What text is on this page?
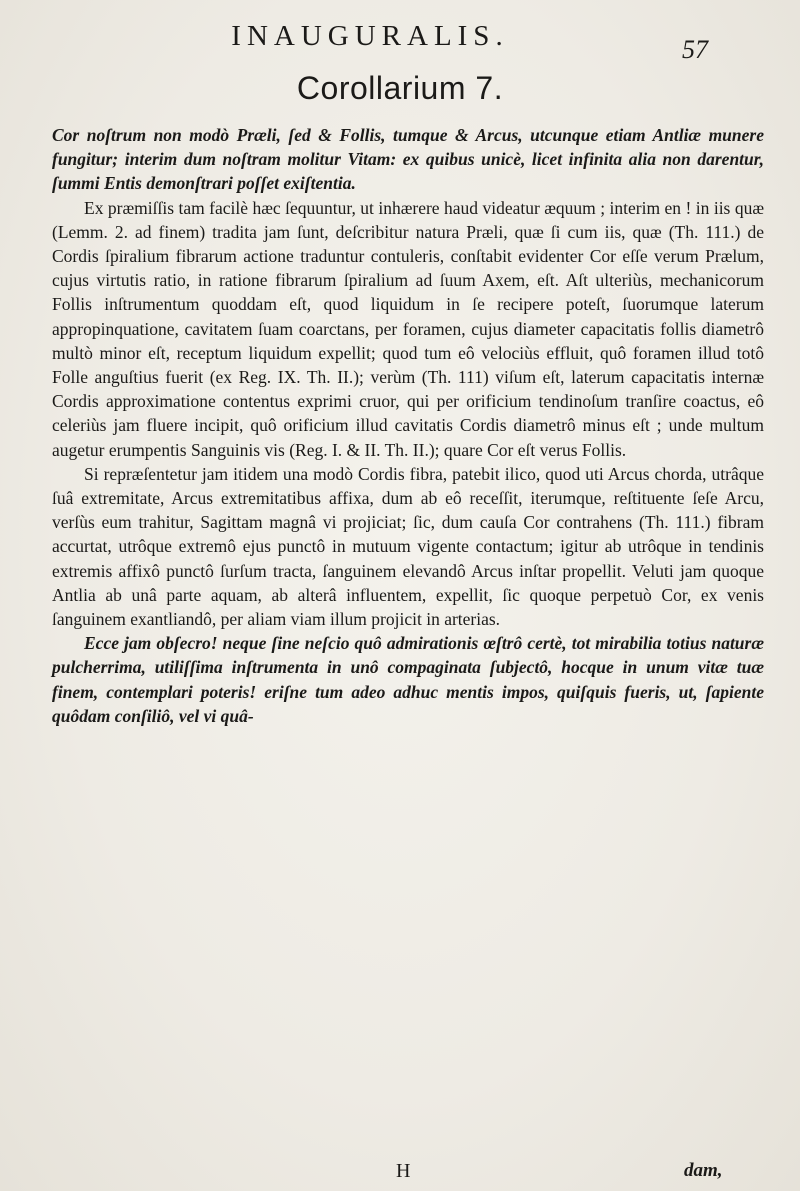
INAUGURALIS.	57
Corollarium 7.

Cor noſtrum non modò Præli, ſed & Follis, tumque & Arcus, utcunque etiam Antliæ munere fungitur; interim dum noſtram molitur Vitam: ex quibus unicè, licet infinita alia non darentur, ſummi Entis demonſtrari poſſet exiſtentia.

Ex præmiſſis tam facilè hæc ſequuntur, ut inhærere haud videatur æquum ; interim en ! in iis quæ (Lemm. 2. ad finem) tradita jam ſunt, deſcribitur natura Præli, quæ ſi cum iis, quæ (Th. 111.) de Cordis ſpiralium fibrarum actione traduntur contuleris, conſtabit evidenter Cor eſſe verum Prælum, cujus virtutis ratio, in ratione fibrarum ſpiralium ad ſuum Axem, eſt. Aſt ulteriùs, mechanicorum Follis inſtrumentum quoddam eſt, quod liquidum in ſe recipere poteſt, ſuorumque laterum appropinquatione, cavitatem ſuam coarctans, per foramen, cujus diameter capacitatis follis diametrô multò minor eſt, receptum liquidum expellit; quod tum eô velociùs effluit, quô foramen illud totô Folle anguſtius fuerit (ex Reg. IX. Th. II.); verùm (Th. 111) viſum eſt, laterum capacitatis internæ Cordis approximatione contentus exprimi cruor, qui per orificium tendinoſum tranſire coactus, eô celeriùs jam fluere incipit, quô orificium illud cavitatis Cordis diametrô minus eſt ; unde multum augetur erumpentis Sanguinis vis (Reg. I. & II. Th. II.); quare Cor eſt verus Follis.

Si repræſentetur jam itidem una modò Cordis fibra, patebit ilico, quod uti Arcus chorda, utrâque ſuâ extremitate, Arcus extremitatibus affixa, dum ab eô receſſit, iterumque, reſtituente ſeſe Arcu, verſùs eum trahitur, Sagittam magnâ vi projiciat; ſic, dum cauſa Cor contrahens (Th. 111.) fibram accurtat, utrôque extremô ejus punctô in mutuum vigente contactum; igitur ab utrôque in tendinis extremis affixô punctô ſurſum tracta, ſanguinem elevandô Arcus inſtar propellit. Veluti jam quoque Antlia ab unâ parte aquam, ab alterâ influentem, expellit, ſic quoque perpetuò Cor, ex venis ſanguinem exantliandô, per aliam viam illum projicit in arterias.

Ecce jam obſecro! neque ſine neſcio quô admirationis œſtrô certè, tot mirabilia totius naturæ pulcherrima, utiliſſima inſtrumenta in unô compaginata ſubjectô, hocque in unum vitæ tuæ finem, contemplari poteris! eriſne tum adeo adhuc mentis impos, quiſquis fueris, ut, ſapiente quôdam conſiliô, vel vi quâ-

H	dam,
